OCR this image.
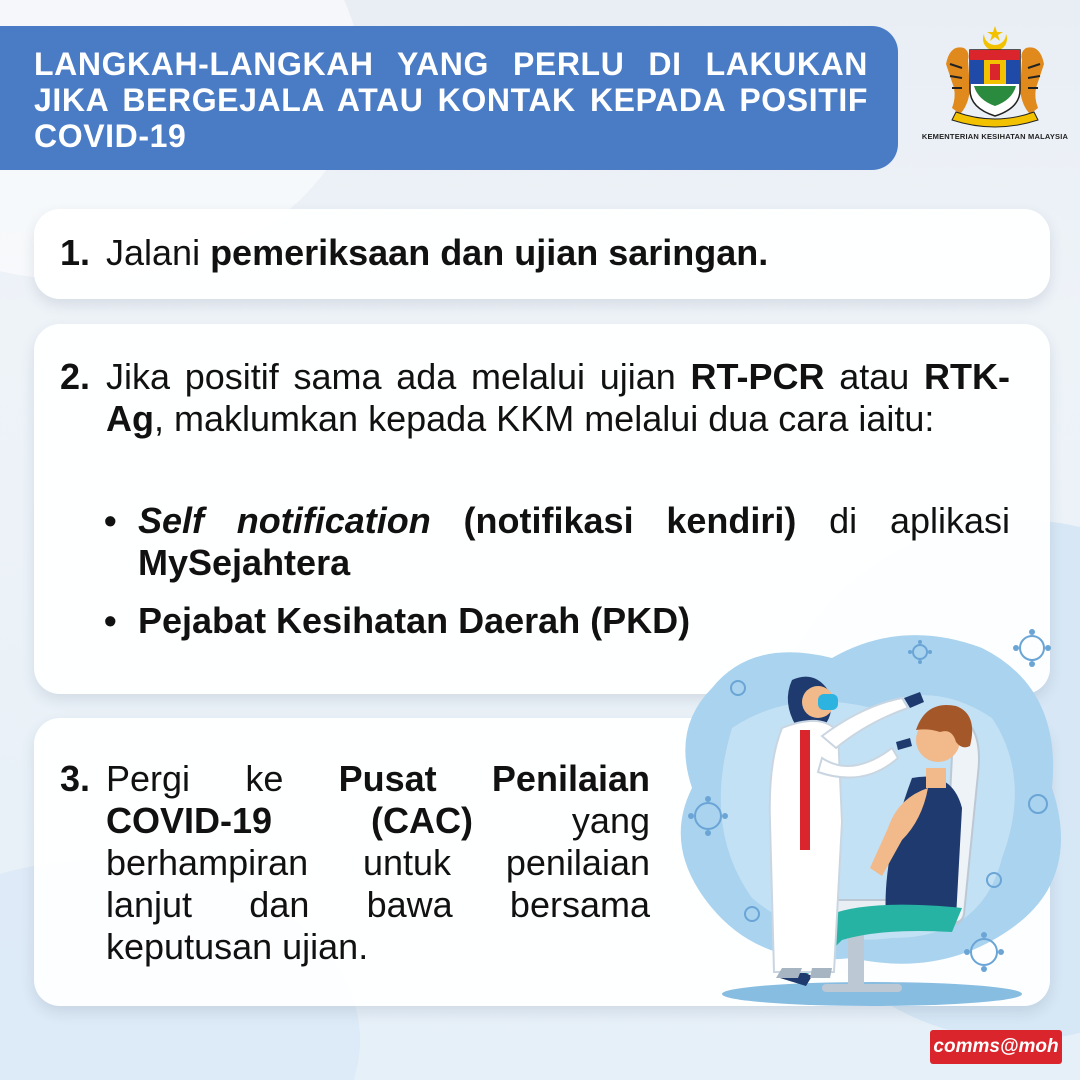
LANGKAH-LANGKAH YANG PERLU DI LAKUKAN JIKA BERGEJALA ATAU KONTAK KEPADA POSITIF COVID-19	KEMENTERIAN KESIHATAN MALAYSIA
1. Jalani pemeriksaan dan ujian saringan.
2. Jika positif sama ada melalui ujian RT-PCR atau RTK-Ag, maklumkan kepada KKM melalui dua cara iaitu:
• Self notification (notifikasi kendiri) di aplikasi MySejahtera
• Pejabat Kesihatan Daerah (PKD)
3. Pergi ke Pusat Penilaian COVID-19 (CAC) yang berhampiran untuk penilaian lanjut dan bawa bersama keputusan ujian.
comms@moh
